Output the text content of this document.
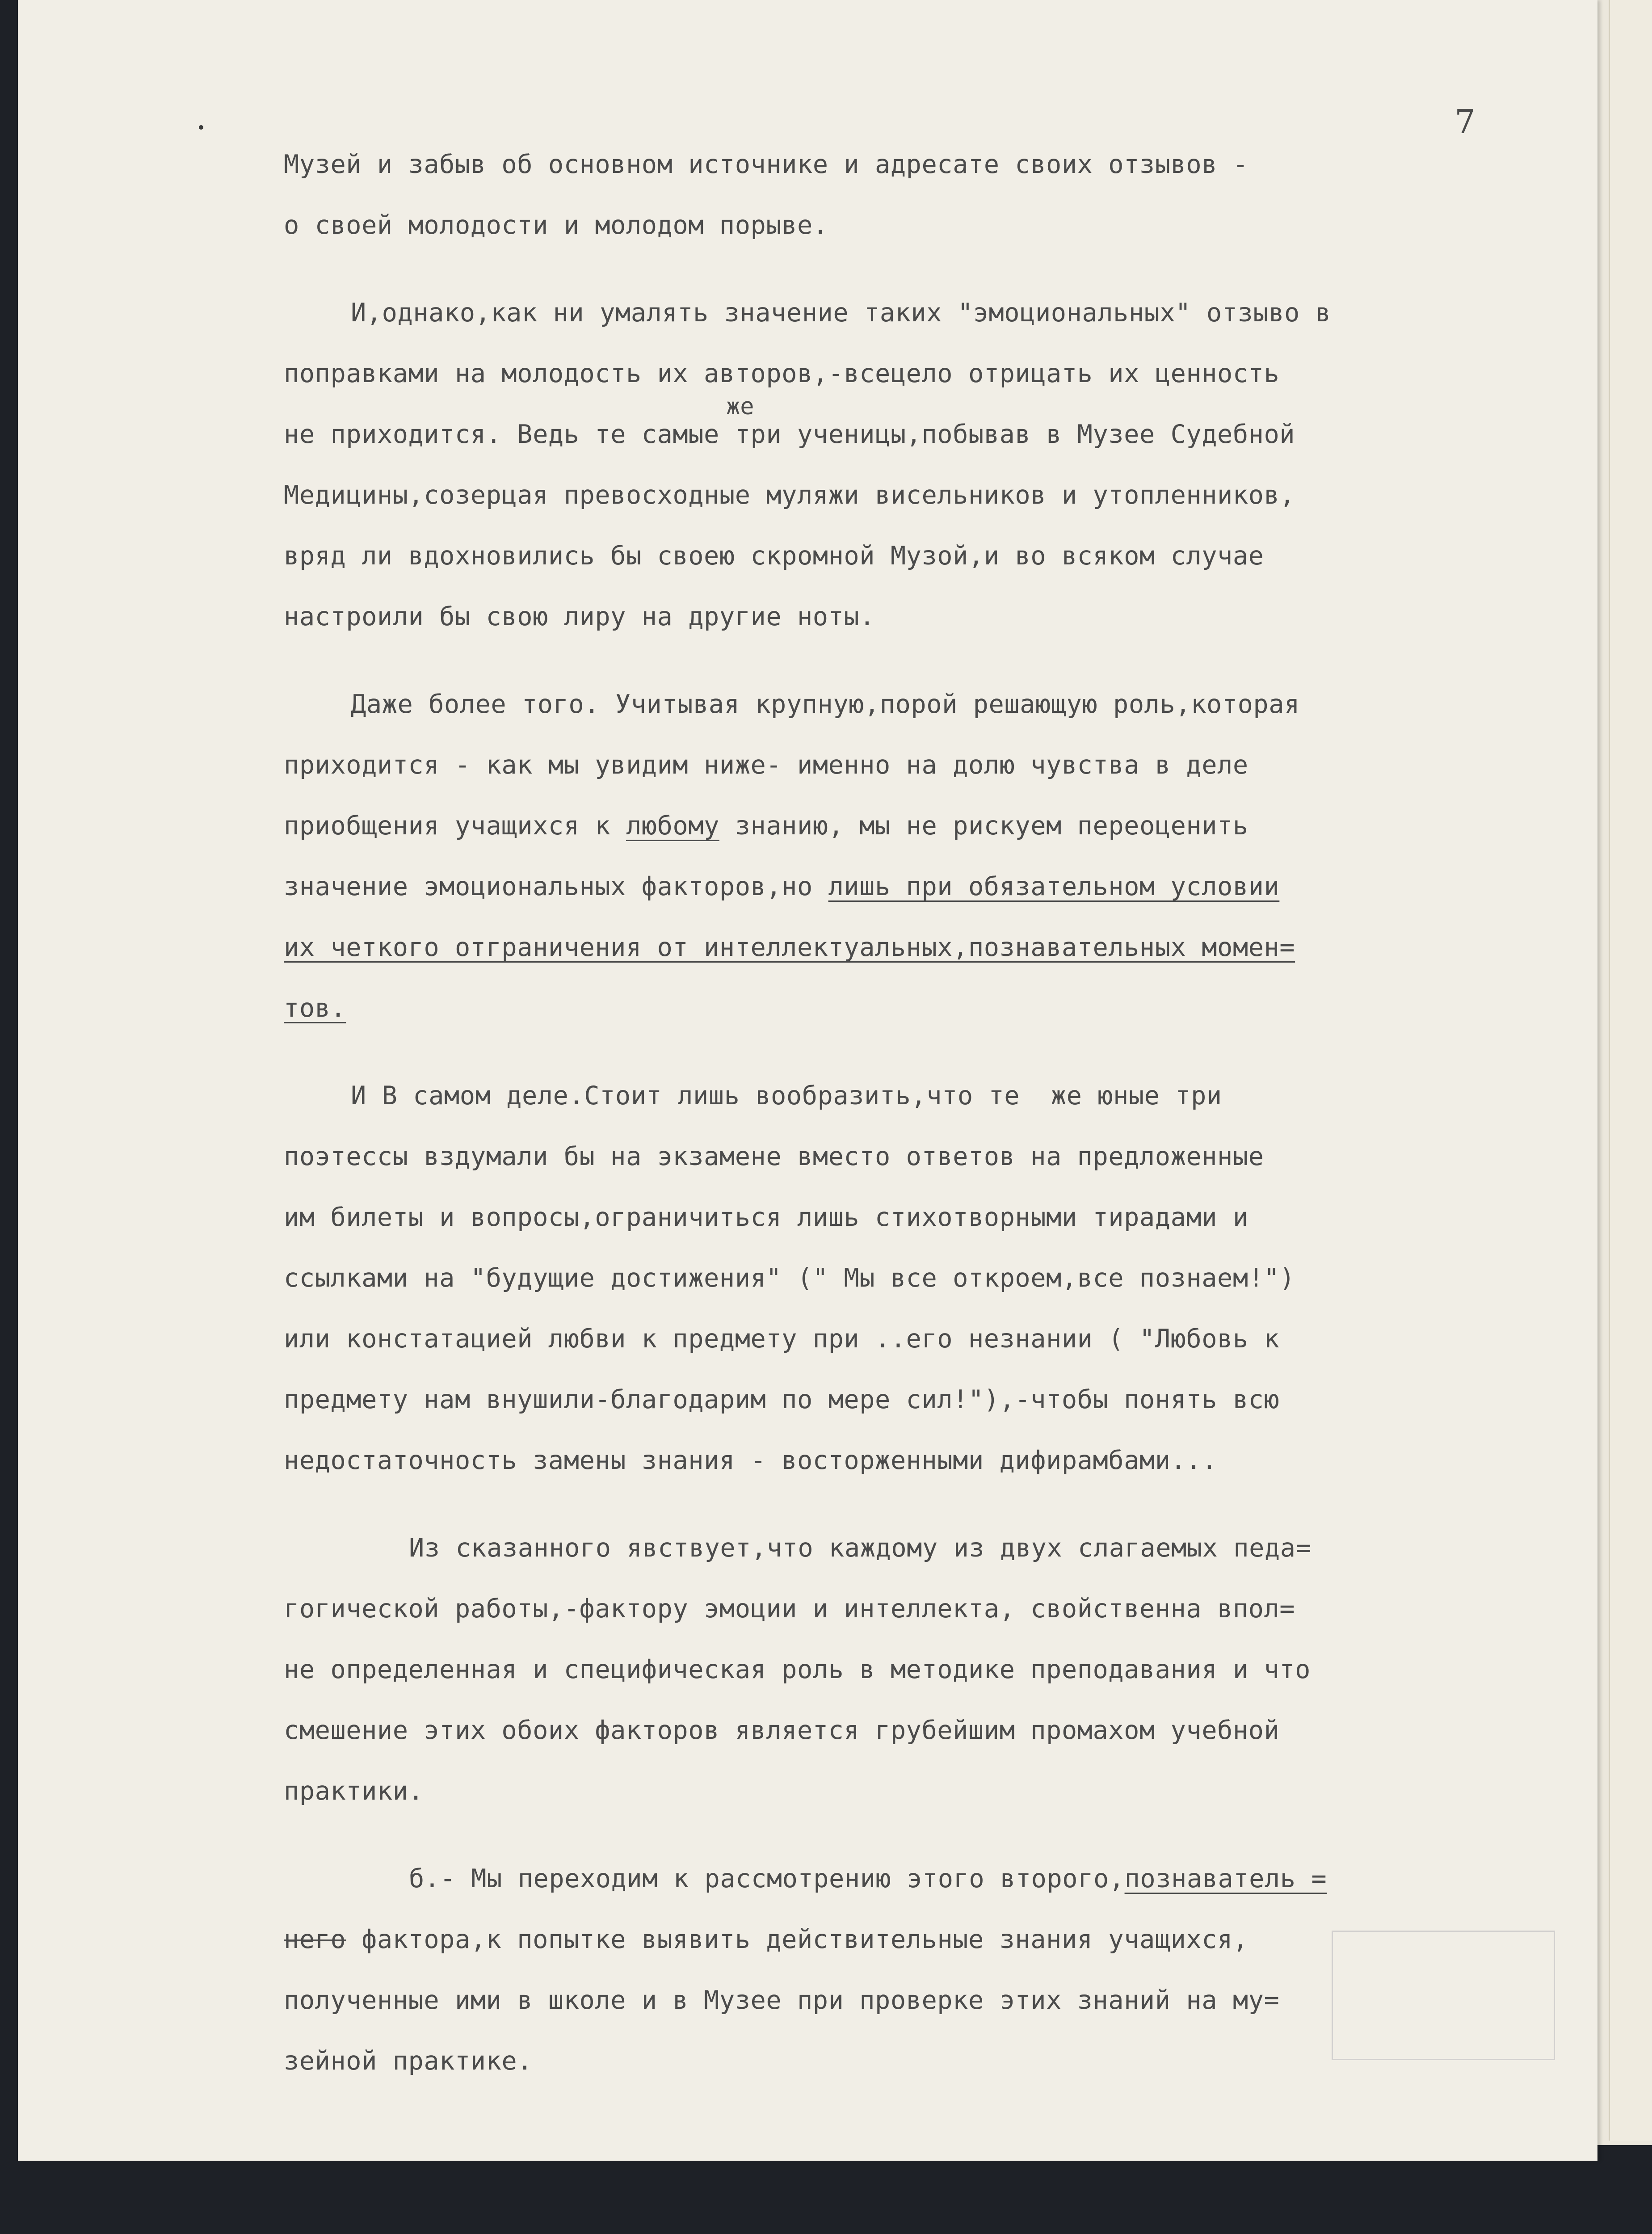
7
же
Музей и забыв об основном источнике и адресате своих отзывов -
о своей молодости и молодом порыве.
И,однако,как ни умалять значение таких "эмоциональных" отзыво в
поправками на молодость их авторов,-всецело отрицать их ценность
не приходится. Ведь те самые три ученицы,побывав в Музее Судебной
Медицины,созерцая превосходные муляжи висельников и утопленников,
вряд ли вдохновились бы своею скромной Музой,и во всяком случае
настроили бы свою лиру на другие ноты.
Даже более того. Учитывая крупную,порой решающую роль,которая
приходится - как мы увидим ниже- именно на долю чувства в деле
приобщения учащихся к любому знанию, мы не рискуем переоценить
значение эмоциональных факторов,но лишь при обязательном условии
их четкого отграничения от интеллектуальных,познавательных момен=
тов.
И В самом деле.Стоит лишь вообразить,что те  же юные три
поэтессы вздумали бы на экзамене вместо ответов на предложенные
им билеты и вопросы,ограничиться лишь стихотворными тирадами и
ссылками на "будущие достижения" (" Мы все откроем,все познаем!")
или констатацией любви к предмету при ..его незнании ( "Любовь к
предмету нам внушили-благодарим по мере сил!"),-чтобы понять всю
недостаточность замены знания - восторженными дифирамбами...
Из сказанного явствует,что каждому из двух слагаемых педа=
гогической работы,-фактору эмоции и интеллекта, свойственна впол=
не определенная и специфическая роль в методике преподавания и что
смешение этих обоих факторов является грубейшим промахом учебной
практики.
б.- Мы переходим к рассмотрению этого второго,познаватель =
него фактора,к попытке выявить действительные знания учащихся,
полученные ими в школе и в Музее при проверке этих знаний на му=
зейной практике.
